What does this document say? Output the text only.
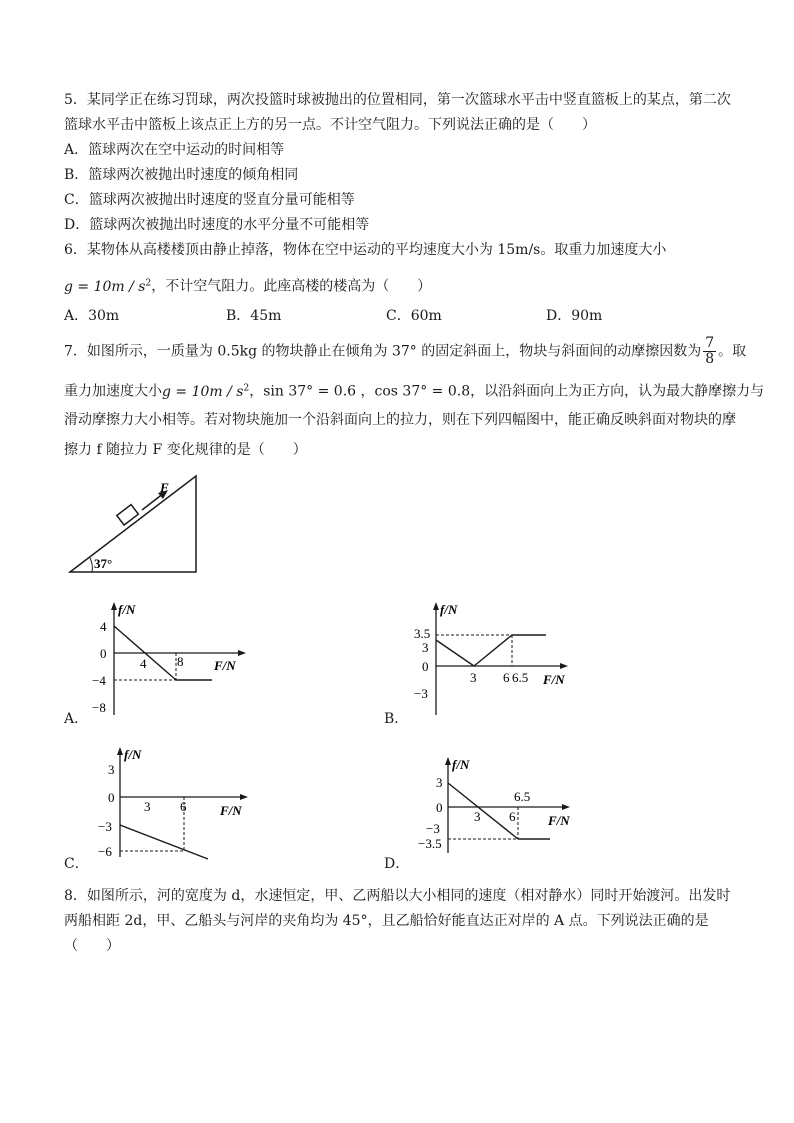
5．某同学正在练习罚球，两次投篮时球被抛出的位置相同，第一次篮球水平击中竖直篮板上的某点，第二次
篮球水平击中篮板上该点正上方的另一点。不计空气阻力。下列说法正确的是（　　）
A．篮球两次在空中运动的时间相等
B．篮球两次被抛出时速度的倾角相同
C．篮球两次被抛出时速度的竖直分量可能相等
D．篮球两次被抛出时速度的水平分量不可能相等
6．某物体从高楼楼顶由静止掉落，物体在空中运动的平均速度大小为 15m/s。取重力加速度大小
$g = 10m / s^2$，不计空气阻力。此座高楼的楼高为（　　）
A．30m	B．45m	C．60m	D．90m
7．如图所示，一质量为 0.5kg 的物块静止在倾角为 37° 的固定斜面上，物块与斜面间的动摩擦因数为 $\frac{7}{8}$ 。取
重力加速度大小$g = 10m / s^2$，sin 37° = 0.6 ，cos 37° = 0.8，以沿斜面向上为正方向，认为最大静摩擦力与
滑动摩擦力大小相等。若对物块施加一个沿斜面向上的拉力，则在下列四幅图中，能正确反映斜面对物块的摩
擦力 f 随拉力 F 变化规律的是（　　）
F
37°
f/N
F/N
4
0
−4
−8
4 8
A．
f/N
F/N
3.5
3
0
−3
3 6 6.5
B．
f/N
F/N
3
0
−3
−6
3 6
C．
f/N
F/N
3
0
−3
−3.5
3 6
6.5
D．
8．如图所示，河的宽度为 d，水速恒定，甲、乙两船以大小相同的速度（相对静水）同时开始渡河。出发时
两船相距 2d，甲、乙船头与河岸的夹角均为 45°，且乙船恰好能直达正对岸的 A 点。下列说法正确的是
（　　）
